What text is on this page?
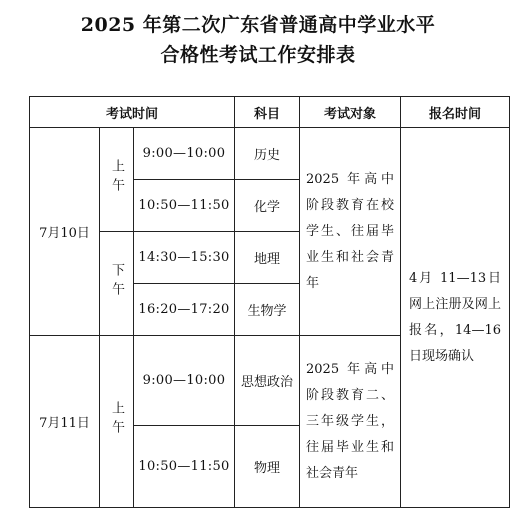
2025 年第二次广东省普通高中学业水平
合格性考试工作安排表
考试时间			科目	考试对象	报名时间
7月10日	上午	9:00—10:00	历史	2025 年高中阶段教育在校学生、往届毕业生和社会青年	4月 11—13日网上注册及网上报名，14—16日现场确认
		10:50—11:50	化学		
	下午	14:30—15:30	地理		
		16:20—17:20	生物学		
7月11日	上午	9:00—10:00	思想政治	2025 年高中阶段教育二、三年级学生，往届毕业生和社会青年	
		10:50—11:50	物理		
